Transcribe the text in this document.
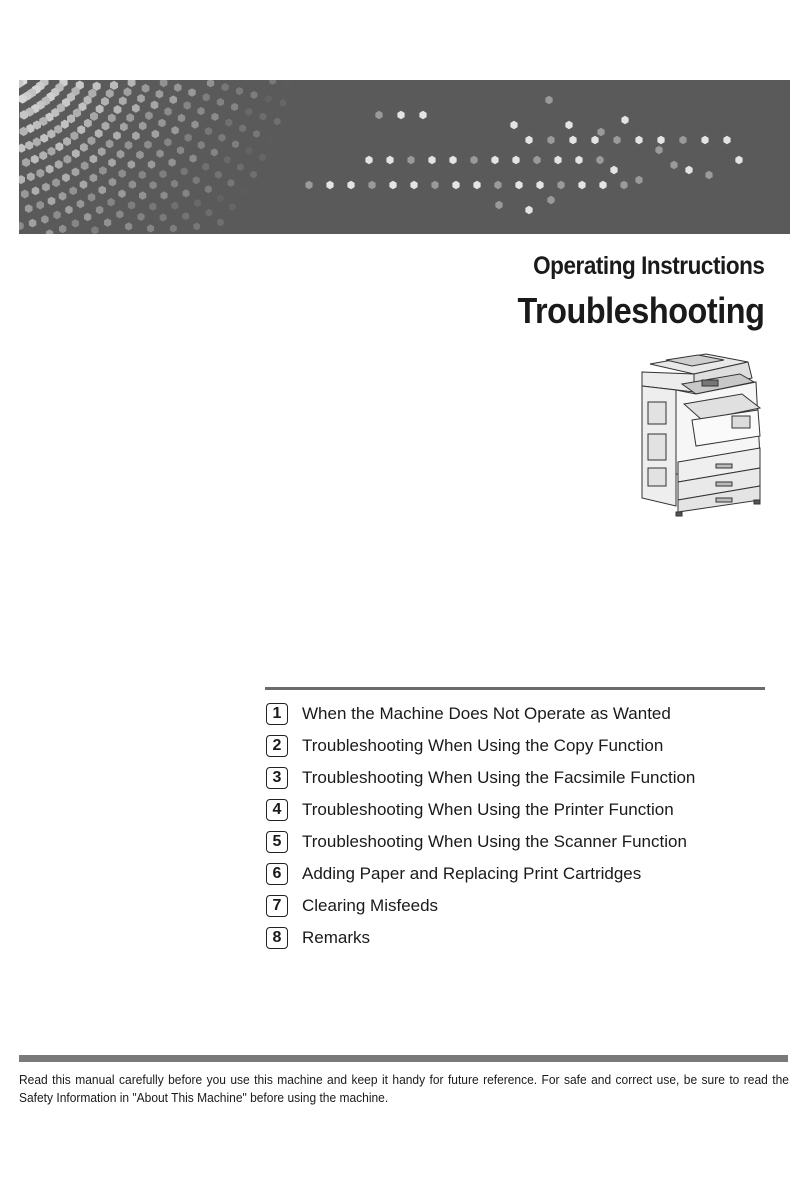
Operating Instructions
Troubleshooting
1	When the Machine Does Not Operate as Wanted
2	Troubleshooting When Using the Copy Function
3	Troubleshooting When Using the Facsimile Function
4	Troubleshooting When Using the Printer Function
5	Troubleshooting When Using the Scanner Function
6	Adding Paper and Replacing Print Cartridges
7	Clearing Misfeeds
8	Remarks

Read this manual carefully before you use this machine and keep it handy for future reference. For safe and correct use, be sure to read the Safety Information in "About This Machine" before using the machine.
